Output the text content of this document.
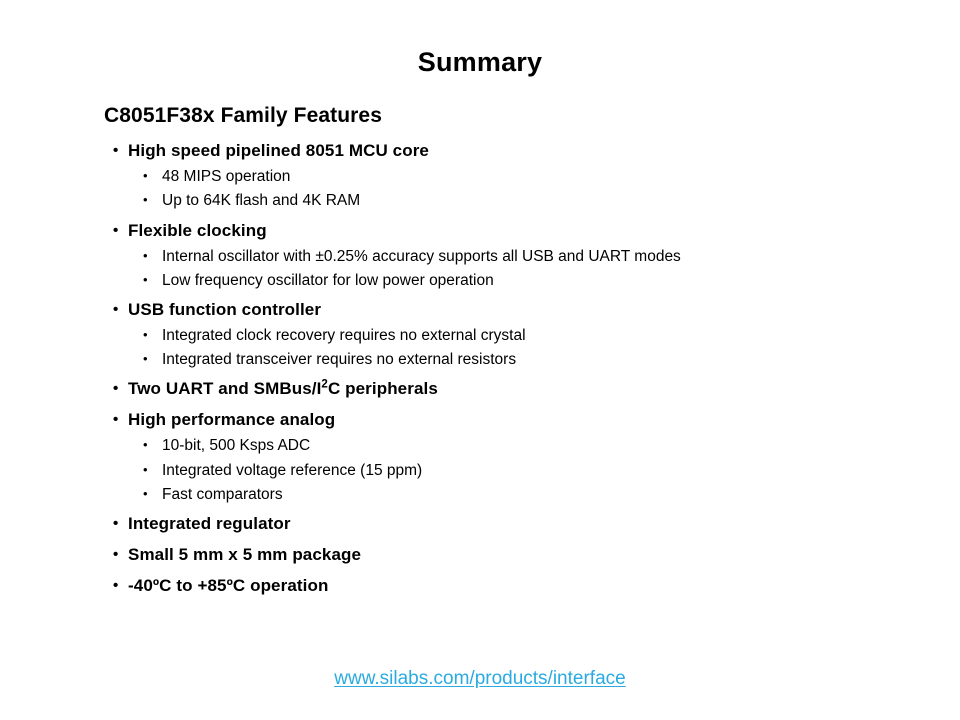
Summary
C8051F38x Family Features
• High speed pipelined 8051 MCU core
• 48 MIPS operation
• Up to 64K flash and 4K RAM
• Flexible clocking
• Internal oscillator with ±0.25% accuracy supports all USB and UART modes
• Low frequency oscillator for low power operation
• USB function controller
• Integrated clock recovery requires no external crystal
• Integrated transceiver requires no external resistors
• Two UART and SMBus/$I^2C$ peripherals
• High performance analog
• 10-bit, 500 Ksps ADC
• Integrated voltage reference (15 ppm)
• Fast comparators
• Integrated regulator
• Small 5 mm x 5 mm package
• -40ºC to +85ºC operation
www.silabs.com/products/interface
